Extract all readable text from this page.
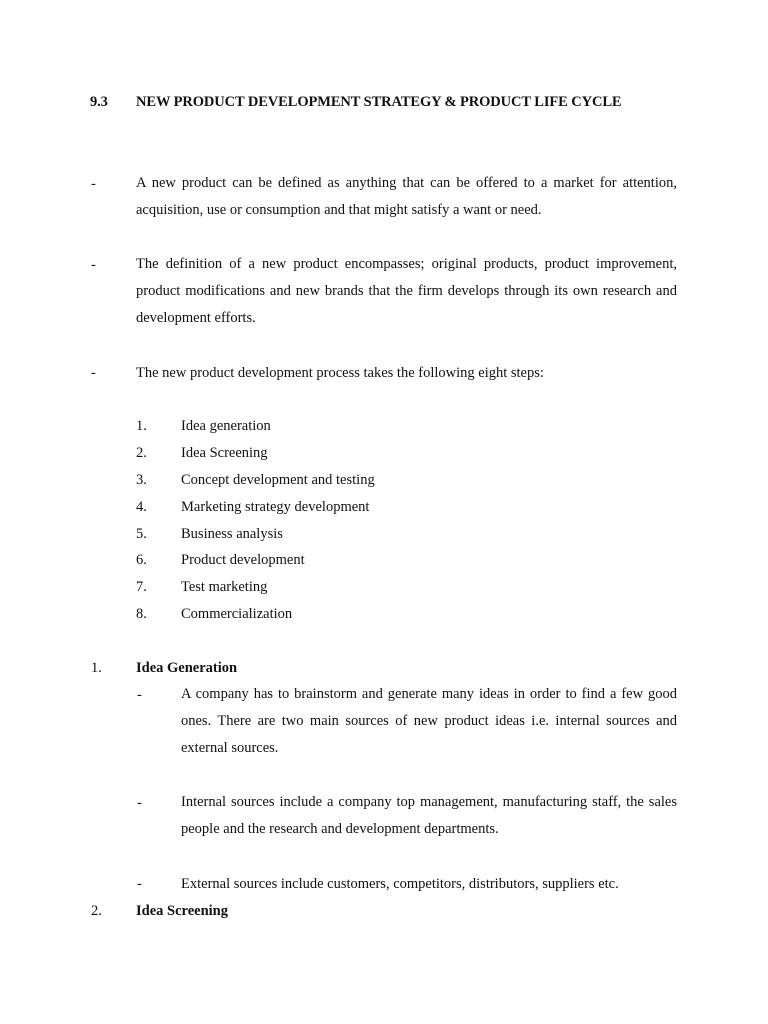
9.3 NEW PRODUCT DEVELOPMENT STRATEGY & PRODUCT LIFE CYCLE
-	A new product can be defined as anything that can be offered to a market for attention, acquisition, use or consumption and that might satisfy a want or need.
-	The definition of a new product encompasses; original products, product improvement, product modifications and new brands that the firm develops through its own research and development efforts.
-	The new product development process takes the following eight steps:
1. Idea generation
2. Idea Screening
3. Concept development and testing
4. Marketing strategy development
5. Business analysis
6. Product development
7. Test marketing
8. Commercialization
1. Idea Generation
-	A company has to brainstorm and generate many ideas in order to find a few good ones. There are two main sources of new product ideas i.e. internal sources and external sources.
-	Internal sources include a company top management, manufacturing staff, the sales people and the research and development departments.
-	External sources include customers, competitors, distributors, suppliers etc.
2. Idea Screening
